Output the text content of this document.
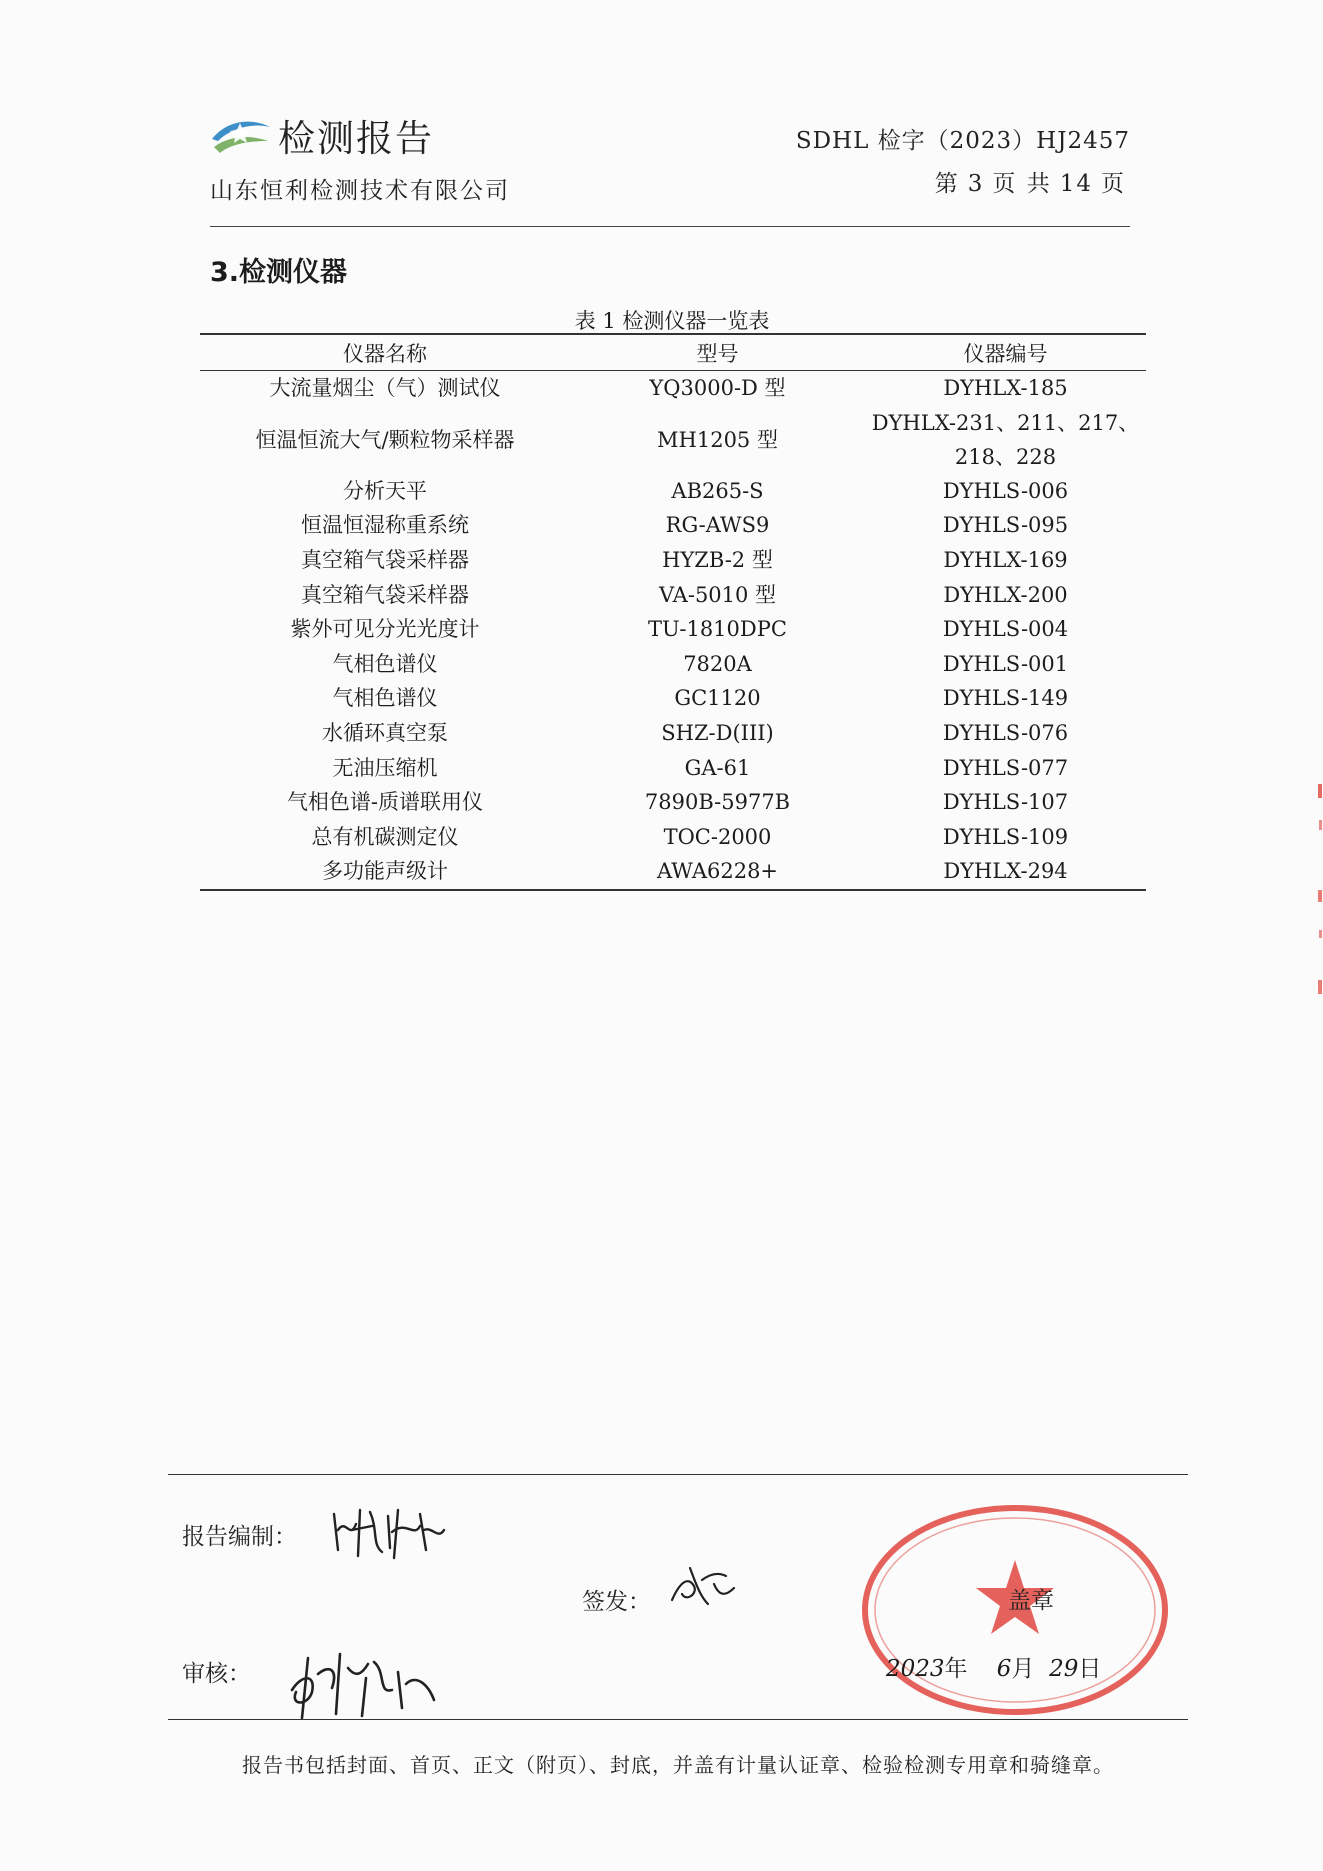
检测报告
山东恒利检测技术有限公司
SDHL 检字（2023）HJ2457
第 3 页 共 14 页
3.检测仪器
表 1 检测仪器一览表
仪器名称	型号	仪器编号
大流量烟尘（气）测试仪	YQ3000-D 型	DYHLX-185
恒温恒流大气/颗粒物采样器	MH1205 型	DYHLX-231、211、217、
218、228

分析天平	AB265-S	DYHLS-006
恒温恒湿称重系统	RG-AWS9	DYHLS-095
真空箱气袋采样器	HYZB-2 型	DYHLX-169
真空箱气袋采样器	VA-5010 型	DYHLX-200
紫外可见分光光度计	TU-1810DPC	DYHLS-004
气相色谱仪	7820A	DYHLS-001
气相色谱仪	GC1120	DYHLS-149
水循环真空泵	SHZ-D(III)	DYHLS-076
无油压缩机	GA-61	DYHLS-077
气相色谱-质谱联用仪	7890B-5977B	DYHLS-107
总有机碳测定仪	TOC-2000	DYHLS-109
多功能声级计	AWA6228+	DYHLX-294
报告编制：
签发：
审核：
盖章
2023年 6月 29日
报告书包括封面、首页、正文（附页）、封底，并盖有计量认证章、检验检测专用章和骑缝章。
